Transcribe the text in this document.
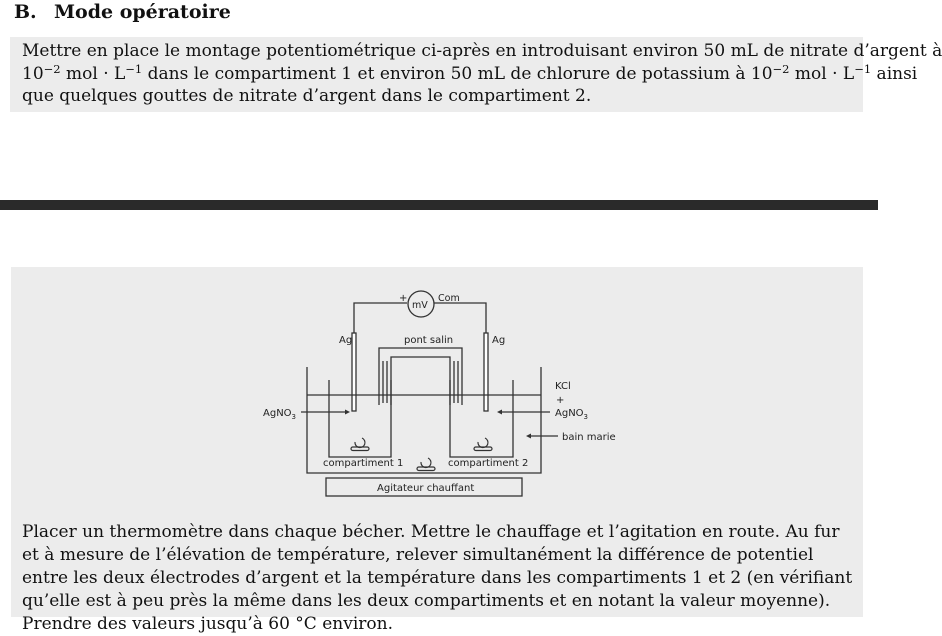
B. Mode opératoire
Mettre en place le montage potentiométrique ci-après en introduisant environ 50 mL de nitrate d’argent à
$10^{-2}$ mol · $L^{-1}$ dans le compartiment 1 et environ 50 mL de chlorure de potassium à $10^{-2}$ mol · $L^{-1}$ ainsi
que quelques gouttes de nitrate d’argent dans le compartiment 2.
mV
+	Com
Ag	Ag
pont salin
AgNO$_3$
KCl
+
AgNO$_3$
bain marie
compartiment 1	compartiment 2
Agitateur chauffant
Placer un thermomètre dans chaque bécher. Mettre le chauffage et l’agitation en route. Au fur et à mesure de l’élévation de température, relever simultanément la différence de potentiel entre les deux électrodes d’argent et la température dans les compartiments 1 et 2 (en vérifiant qu’elle est à peu près la même dans les deux compartiments et en notant la valeur moyenne). Prendre des valeurs jusqu’à 60 °C environ.
